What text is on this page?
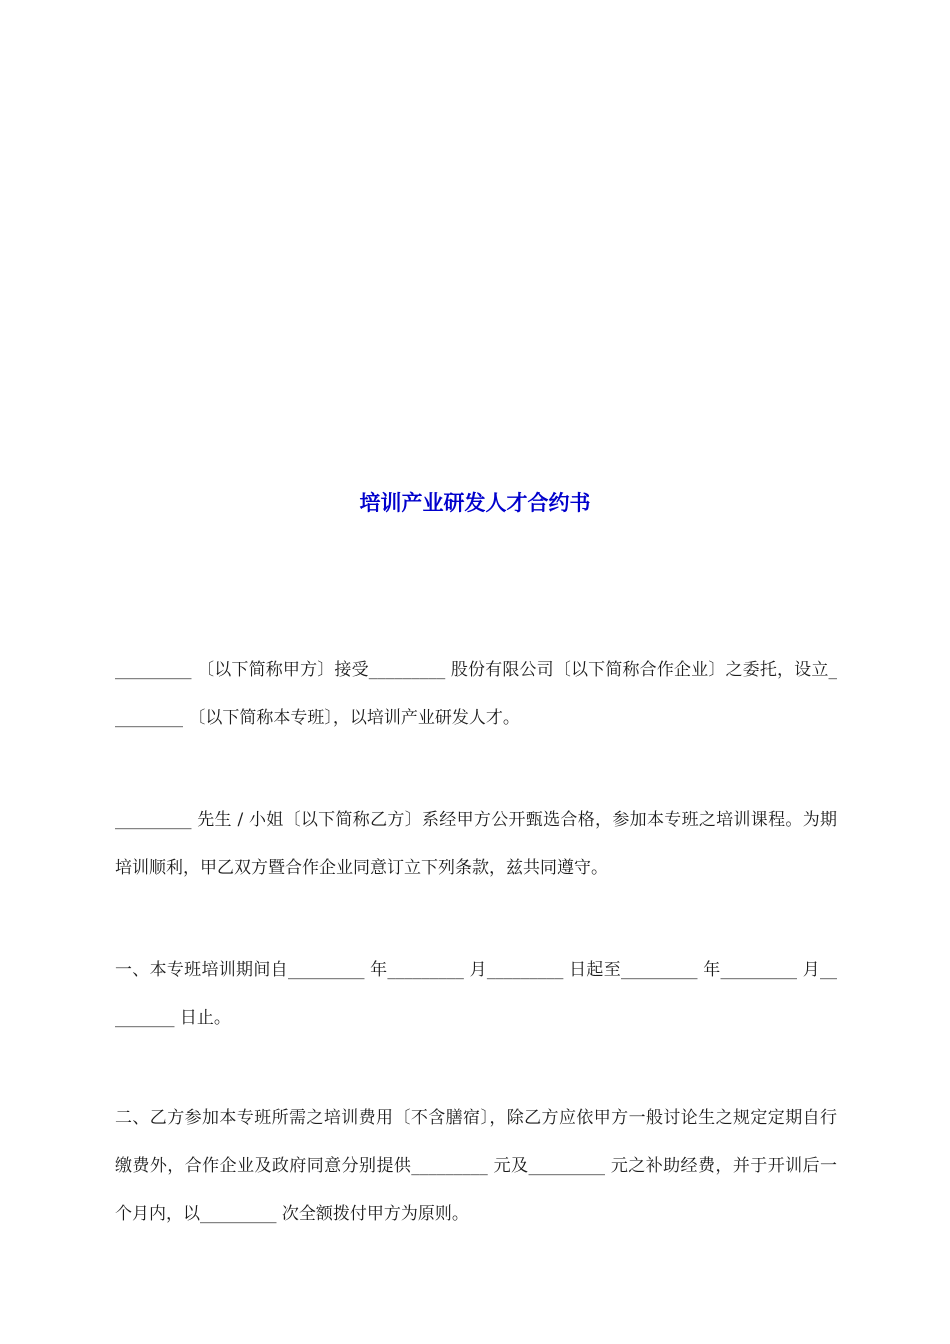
培训产业研发人才合约书

_________ 〔以下简称甲方〕接受_________ 股份有限公司〔以下简称合作企业〕之委托，设立_________ 〔以下简称本专班〕，以培训产业研发人才。

_________ 先生 / 小姐〔以下简称乙方〕系经甲方公开甄选合格，参加本专班之培训课程。为期培训顺利，甲乙双方暨合作企业同意订立下列条款，兹共同遵守。

一、本专班培训期间自_________ 年_________ 月_________ 日起至_________ 年_________ 月_________ 日止。

二、乙方参加本专班所需之培训费用〔不含膳宿〕，除乙方应依甲方一般讨论生之规定定期自行缴费外，合作企业及政府同意分别提供_________ 元及_________ 元之补助经费，并于开训后一个月内，以_________ 次全额拨付甲方为原则。
